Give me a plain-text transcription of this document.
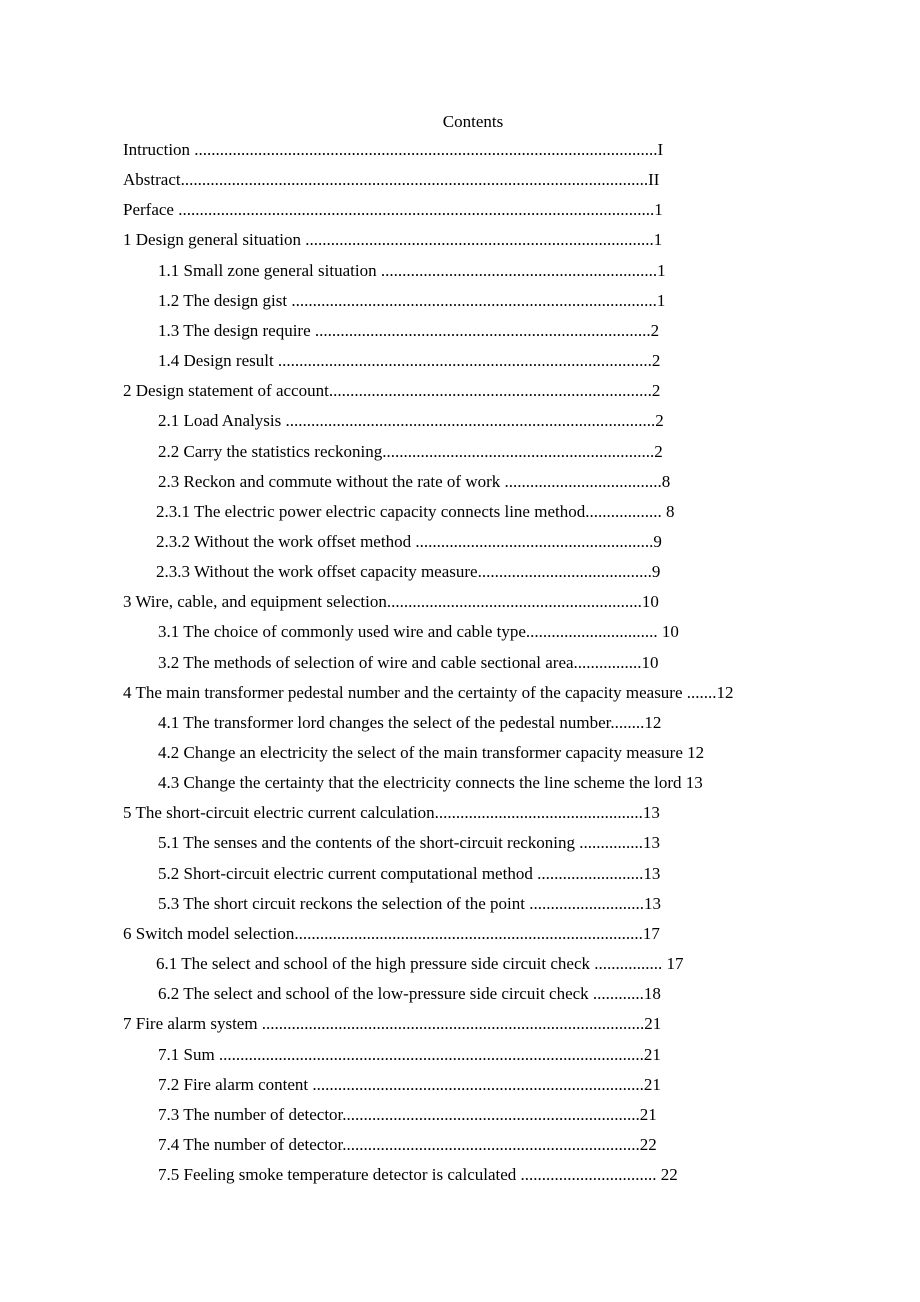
Contents
Intruction .............................................................................................................I
Abstract..............................................................................................................II
Perface ................................................................................................................1
1 Design general situation ..................................................................................1
1.1 Small zone general situation .................................................................1
1.2 The design gist ......................................................................................1
1.3 The design require ...............................................................................2
1.4 Design result ........................................................................................2
2 Design statement of account............................................................................2
2.1 Load Analysis .......................................................................................2
2.2 Carry the statistics reckoning................................................................2
2.3 Reckon and commute without the rate of work .....................................8
2.3.1 The electric power electric capacity connects line method.................. 8
2.3.2 Without the work offset method ........................................................9
2.3.3 Without the work offset capacity measure.........................................9
3 Wire, cable, and equipment selection............................................................10
3.1 The choice of commonly used wire and cable type............................... 10
3.2 The methods of selection of wire and cable sectional area................10
4 The main transformer pedestal number and the certainty of the capacity measure .......12
4.1 The transformer lord changes the select of the pedestal number........12
4.2 Change an electricity the select of the main transformer capacity measure 12
4.3 Change the certainty that the electricity connects the line scheme the lord 13
5 The short-circuit electric current calculation.................................................13
5.1 The senses and the contents of the short-circuit reckoning ...............13
5.2 Short-circuit electric current computational method .........................13
5.3 The short circuit reckons the selection of the point ...........................13
6 Switch model selection..................................................................................17
6.1 The select and school of the high pressure side circuit check ................ 17
6.2 The select and school of the low-pressure side circuit check ............18
7 Fire alarm system ..........................................................................................21
7.1 Sum ....................................................................................................21
7.2 Fire alarm content ..............................................................................21
7.3 The number of detector......................................................................21
7.4 The number of detector......................................................................22
7.5 Feeling smoke temperature detector is calculated ................................ 22
